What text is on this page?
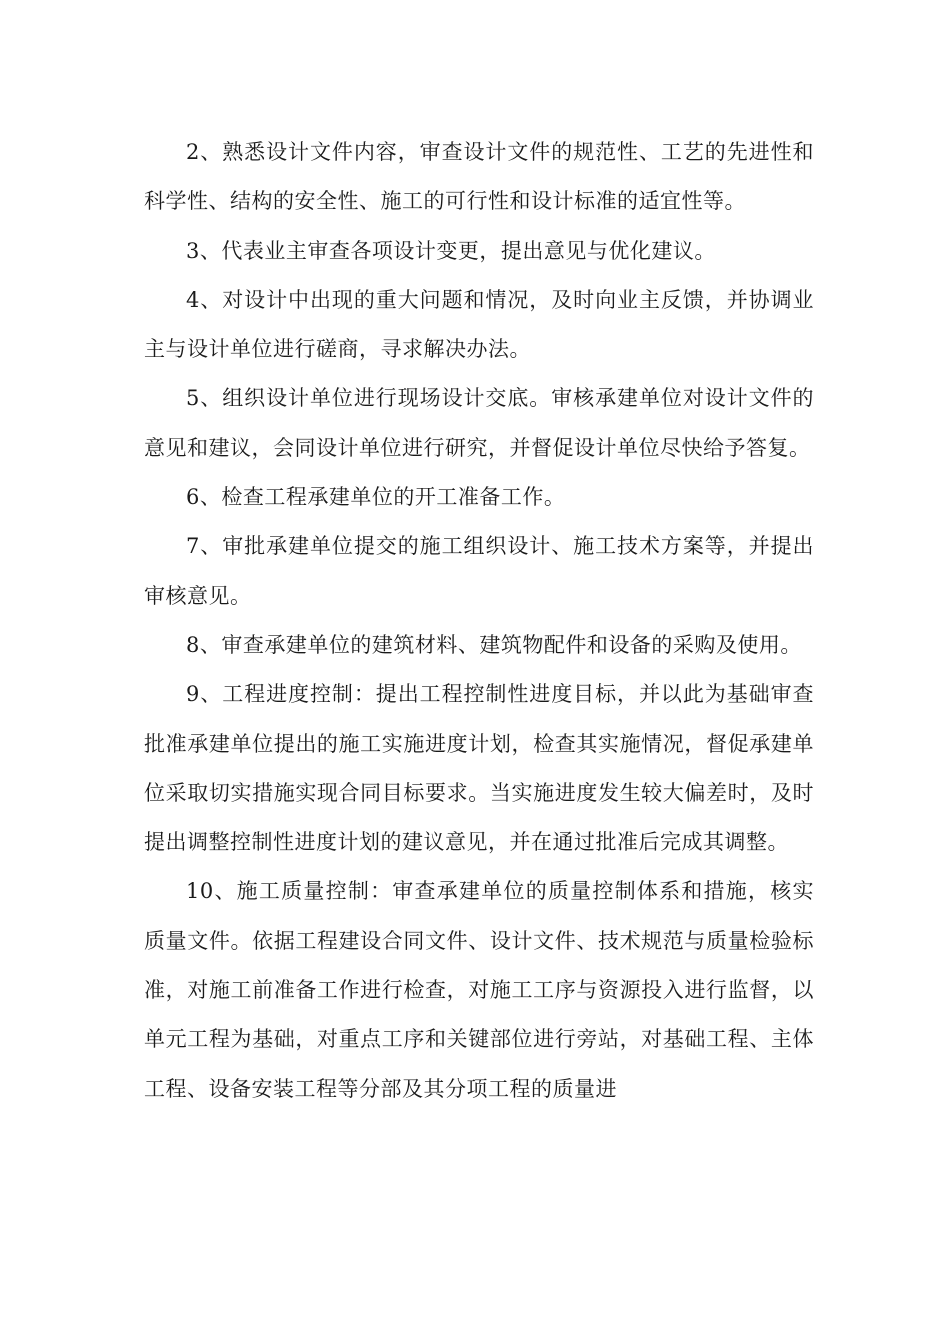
2、熟悉设计文件内容，审查设计文件的规范性、工艺的先进性和科学性、结构的安全性、施工的可行性和设计标准的适宜性等。

3、代表业主审查各项设计变更，提出意见与优化建议。

4、对设计中出现的重大问题和情况，及时向业主反馈，并协调业主与设计单位进行磋商，寻求解决办法。

5、组织设计单位进行现场设计交底。审核承建单位对设计文件的意见和建议，会同设计单位进行研究，并督促设计单位尽快给予答复。

6、检查工程承建单位的开工准备工作。

7、审批承建单位提交的施工组织设计、施工技术方案等，并提出审核意见。

8、审查承建单位的建筑材料、建筑物配件和设备的采购及使用。

9、工程进度控制：提出工程控制性进度目标，并以此为基础审查批准承建单位提出的施工实施进度计划，检查其实施情况，督促承建单位采取切实措施实现合同目标要求。当实施进度发生较大偏差时，及时提出调整控制性进度计划的建议意见，并在通过批准后完成其调整。

10、施工质量控制：审查承建单位的质量控制体系和措施，核实质量文件。依据工程建设合同文件、设计文件、技术规范与质量检验标准，对施工前准备工作进行检查，对施工工序与资源投入进行监督，以单元工程为基础，对重点工序和关键部位进行旁站，对基础工程、主体工程、设备安装工程等分部及其分项工程的质量进
